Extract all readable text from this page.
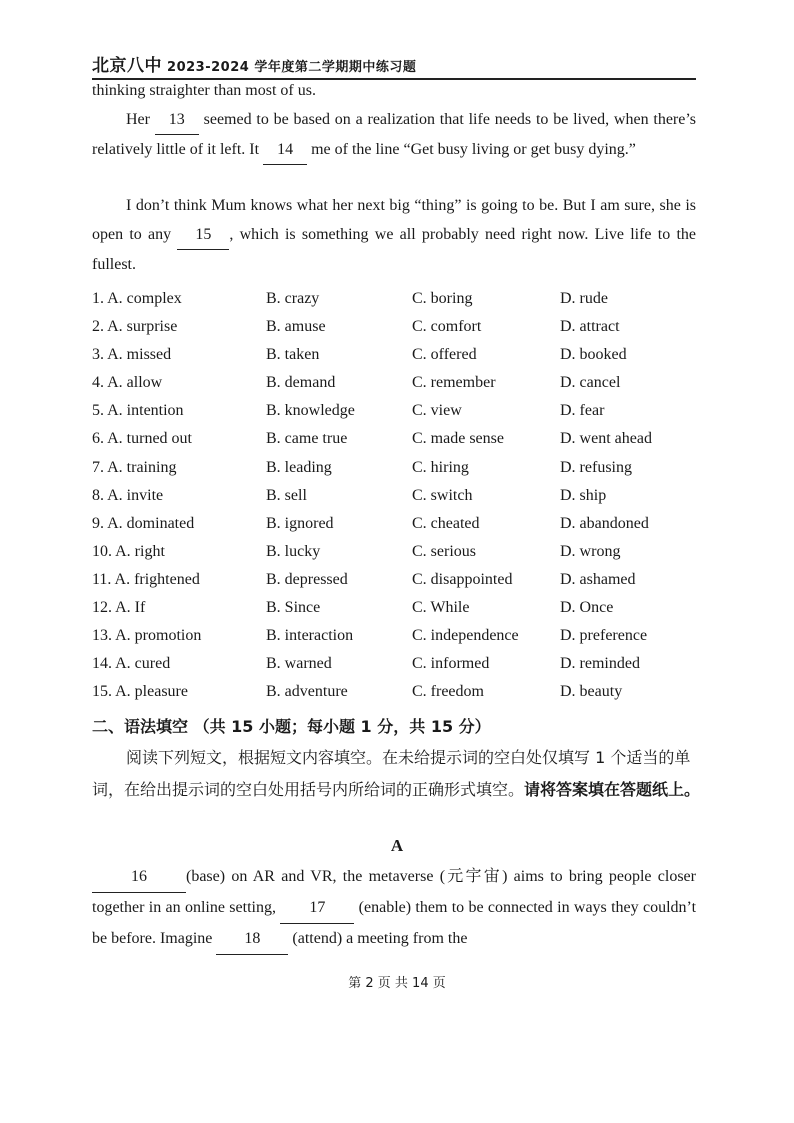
北京八中 2023-2024 学年度第二学期期中练习题
thinking straighter than most of us.
Her 13 seemed to be based on a realization that life needs to be lived, when there’s relatively little of it left. It 14 me of the line “Get busy living or get busy dying.”
I don’t think Mum knows what her next big “thing” is going to be. But I am sure, she is open to any 15 , which is something we all probably need right now. Live life to the fullest.
1. A. complex	B. crazy	C. boring	D. rude
2. A. surprise	B. amuse	C. comfort	D. attract
3. A. missed	B. taken	C. offered	D. booked
4. A. allow	B. demand	C. remember	D. cancel
5. A. intention	B. knowledge	C. view	D. fear
6. A. turned out	B. came true	C. made sense	D. went ahead
7. A. training	B. leading	C. hiring	D. refusing
8. A. invite	B. sell	C. switch	D. ship
9. A. dominated	B. ignored	C. cheated	D. abandoned
10. A. right	B. lucky	C. serious	D. wrong
11. A. frightened	B. depressed	C. disappointed	D. ashamed
12. A. If	B. Since	C. While	D. Once
13. A. promotion	B. interaction	C. independence	D. preference
14. A. cured	B. warned	C. informed	D. reminded
15. A. pleasure	B. adventure	C. freedom	D. beauty
二、语法填空 （共 15 小题；每小题 1 分，共 15 分）
阅读下列短文，根据短文内容填空。在未给提示词的空白处仅填写 1 个适当的单词，在给出提示词的空白处用括号内所给词的正确形式填空。请将答案填在答题纸上。
A
16 (base) on AR and VR, the metaverse (元宇宙) aims to bring people closer together in an online setting, 17 (enable) them to be connected in ways they couldn’t be before. Imagine 18 (attend) a meeting from the
第 2 页 共 14 页
